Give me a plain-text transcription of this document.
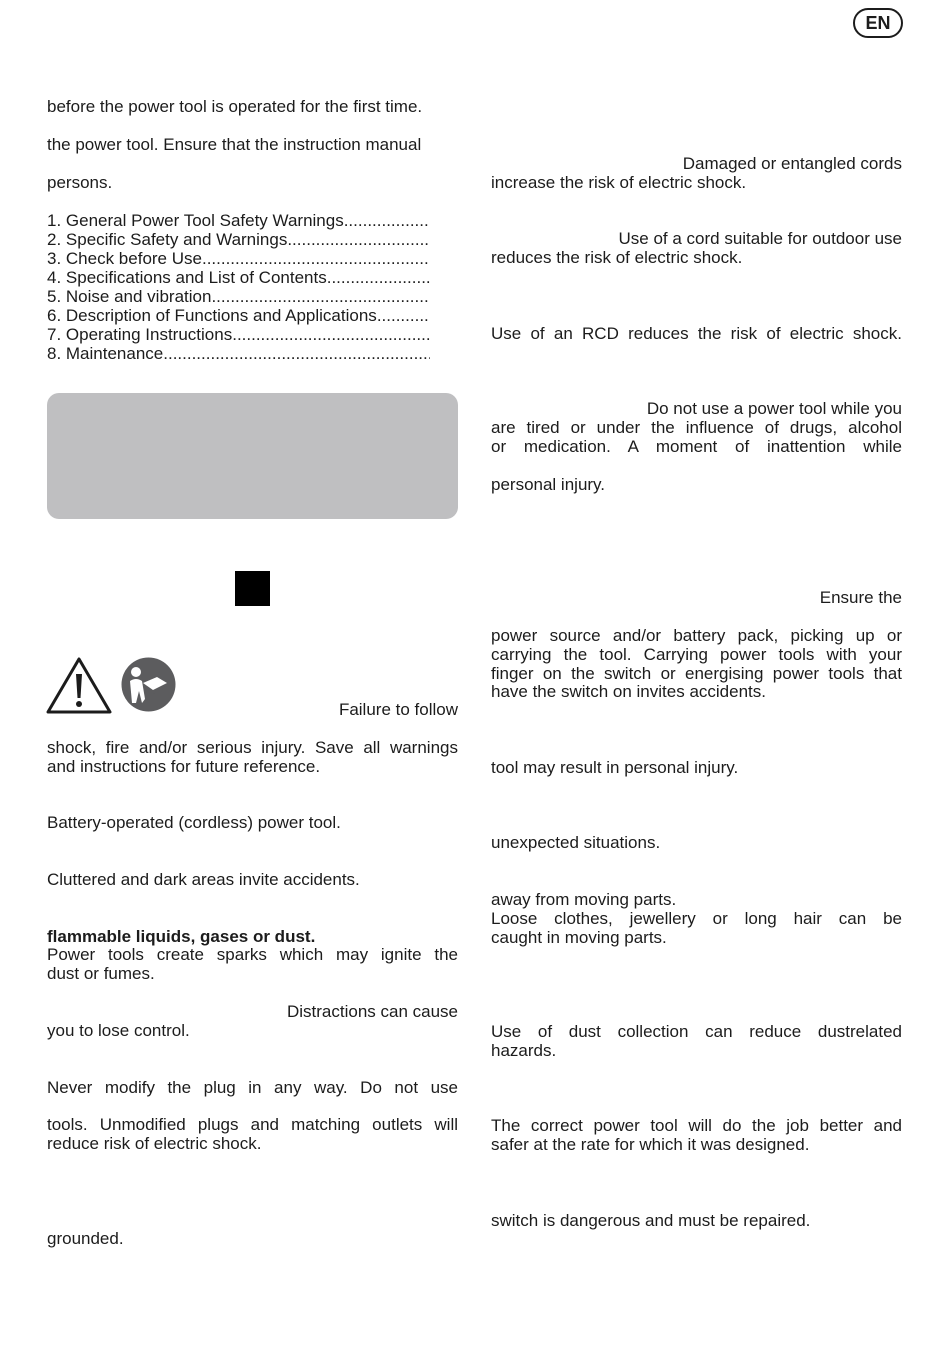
EN
before the power tool is operated for the first time.
the power tool. Ensure that the instruction manual
persons.
1. General Power Tool Safety Warnings
.....
2. Specific Safety and Warnings
.....
3. Check before Use
.....
4. Specifications and List of Contents
.....
5. Noise and vibration
.....
6. Description of Functions and Applications
.....
7. Operating Instructions
.....
8. Maintenance
.....
Failure to follow
shock, fire and/or serious injury. Save all warnings
and instructions for future reference.
Battery-operated (cordless) power tool.
Cluttered and dark areas invite accidents.
flammable liquids, gases or dust.
Power tools create sparks which may ignite the
dust or fumes.
Distractions can cause
you to lose control.
Never modify the plug in any way. Do not use
tools. Unmodified plugs and matching outlets will
reduce risk of electric shock.
grounded.
Damaged or entangled cords
increase the risk of electric shock.
Use of a cord suitable for outdoor use
reduces the risk of electric shock.
Use of an RCD reduces the risk of electric shock.
Do not use a power tool while you
are tired or under the influence of drugs, alcohol
or medication. A moment of inattention while
personal injury.
Ensure the
power source and/or battery pack, picking up or
carrying the tool. Carrying power tools with your
finger on the switch or energising power tools that
have the switch on invites accidents.
tool may result in personal injury.
unexpected situations.
away from moving parts.
Loose clothes, jewellery or long hair can be
caught in moving parts.
Use of dust collection can reduce dustrelated
hazards.
The correct power tool will do the job better and
safer at the rate for which it was designed.
switch is dangerous and must be repaired.
